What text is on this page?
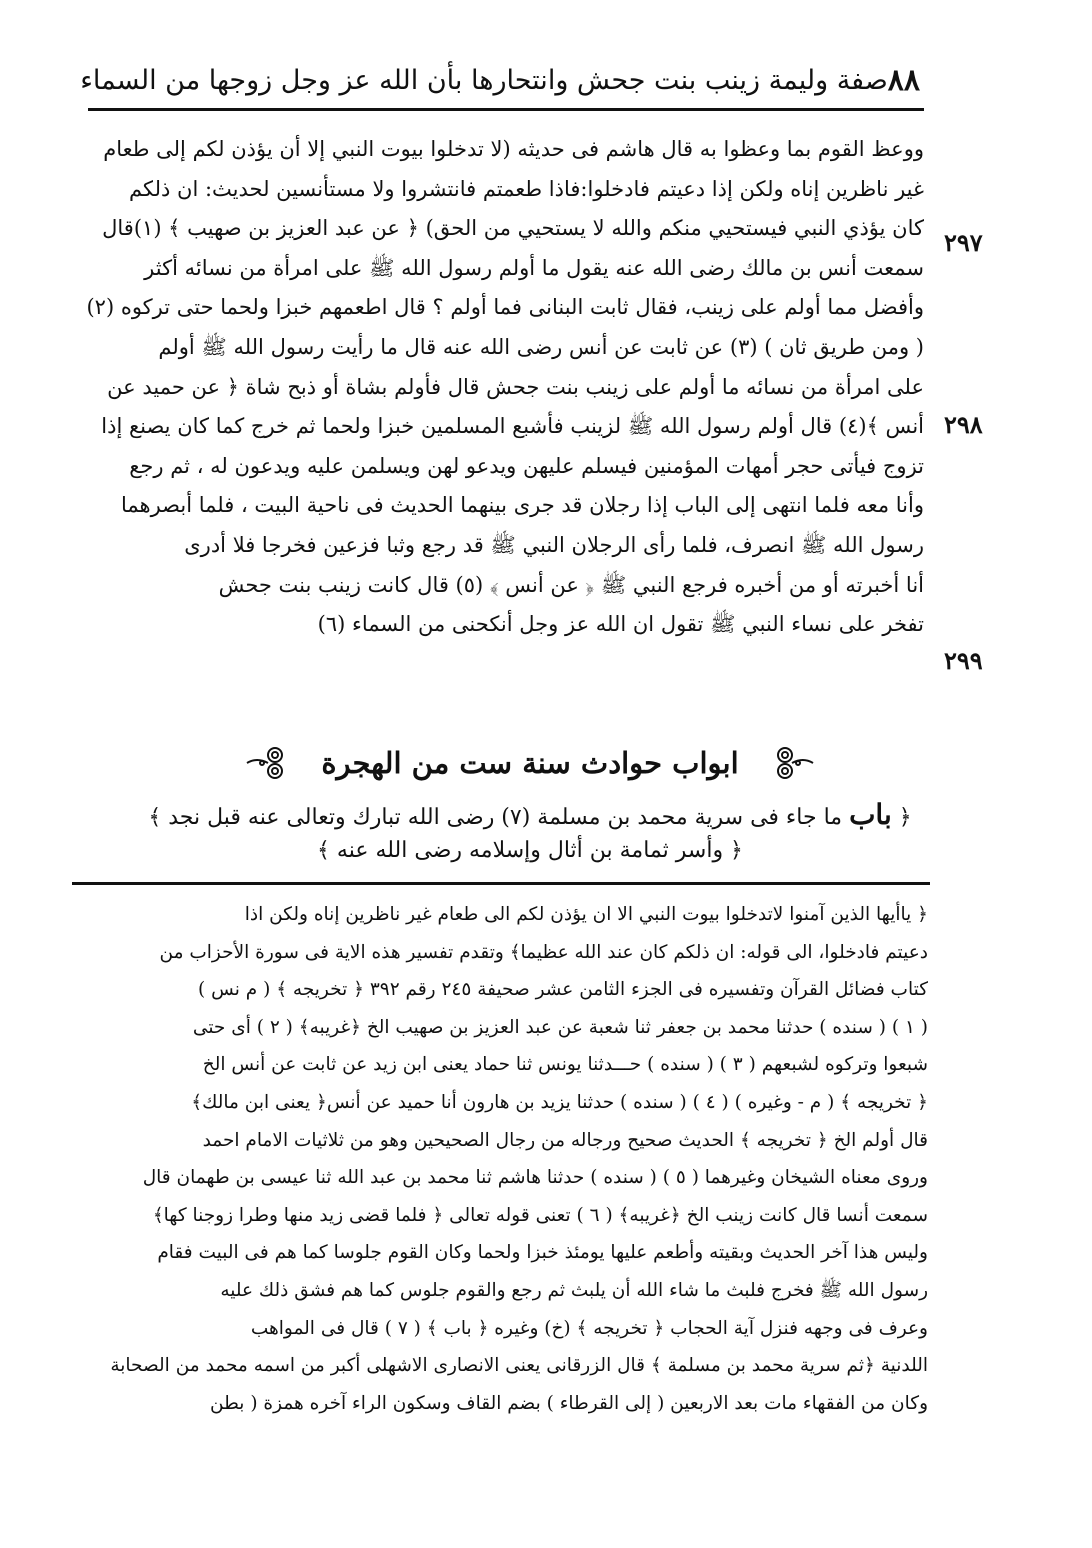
٨٨
صفة وليمة زينب بنت جحش وانتحارها بأن الله عز وجل زوجها من السماء
٢٩٧
٢٩٨
٢٩٩
ووعظ القوم بما وعظوا به قال هاشم فى حديثه (لا تدخلوا بيوت النبي إلا أن يؤذن لكم إلى طعام
غير ناظرين إناه ولكن إذا دعيتم فادخلوا:فاذا طعمتم فانتشروا ولا مستأنسين لحديث: ان ذلكم
كان يؤذي النبي فيستحيي منكم والله لا يستحيي من الحق) ﴿ عن عبد العزيز بن صهيب ﴾ (١)قال
سمعت أنس بن مالك رضى الله عنه يقول ما أولم رسول الله ﷺ على امرأة من نسائه أكثر
وأفضل مما أولم على زينب، فقال ثابت البنانى فما أولم ؟ قال اطعمهم خبزا ولحما حتى تركوه (٢)
( ومن طريق ثان ) (٣) عن ثابت عن أنس رضى الله عنه قال ما رأيت رسول الله ﷺ أولم
على امرأة من نسائه ما أولم على زينب بنت جحش قال فأولم بشاة أو ذبح شاة ﴿ عن حميد عن
أنس ﴾(٤) قال أولم رسول الله ﷺ لزينب فأشبع المسلمين خبزا ولحما ثم خرج كما كان يصنع إذا
تزوج فيأتى حجر أمهات المؤمنين فيسلم عليهن ويدعو لهن ويسلمن عليه ويدعون له ، ثم رجع
وأنا معه فلما انتهى إلى الباب إذا رجلان قد جرى بينهما الحديث فى ناحية البيت ، فلما أبصرهما
رسول الله ﷺ انصرف، فلما رأى الرجلان النبي ﷺ قد رجع وثبا فزعين فخرجا فلا أدرى
أنا أخبرته أو من أخبره فرجع النبي ﷺ ﴿ عن أنس ﴾ (٥) قال كانت زينب بنت جحش
تفخر على نساء النبي ﷺ تقول ان الله عز وجل أنكحنى من السماء (٦)
ابواب حوادث سنة ست من الهجرة
﴿ باب ما جاء فى سرية محمد بن مسلمة (٧) رضى الله تبارك وتعالى عنه قبل نجد ﴾
﴿ وأسر ثمامة بن أثال وإسلامه رضى الله عنه ﴾
﴿ ياأيها الذين آمنوا لاتدخلوا بيوت النبي الا ان يؤذن لكم الى طعام غير ناظرين إناه ولكن اذا
دعيتم فادخلوا، الى قوله: ان ذلكم كان عند الله عظيما﴾ وتقدم تفسير هذه الاية فى سورة الأحزاب من
كتاب فضائل القرآن وتفسيره فى الجزء الثامن عشر صحيفة ٢٤٥ رقم ٣٩٢ ﴿ تخريجه ﴾ ( م نس )
( ١ ) ( سنده ) حدثنا محمد بن جعفر ثنا شعبة عن عبد العزيز بن صهيب الخ ﴿غريبه﴾ ( ٢ ) أى حتى
شبعوا وتركوه لشبعهم ( ٣ ) ( سنده ) حـــدثنا يونس ثنا حماد يعنى ابن زيد عن ثابت عن أنس الخ
﴿ تخريجه ﴾ ( م - وغيره ) ( ٤ ) ( سنده ) حدثنا يزيد بن هارون أنا حميد عن أنس﴿ يعنى ابن مالك﴾
قال أولم الخ ﴿ تخريجه ﴾ الحديث صحيح ورجاله من رجال الصحيحين وهو من ثلاثيات الامام احمد
وروى معناه الشيخان وغيرهما ( ٥ ) ( سنده ) حدثنا هاشم ثنا محمد بن عبد الله ثنا عيسى بن طهمان قال
سمعت أنسا قال كانت زينب الخ ﴿غريبه﴾ ( ٦ ) تعنى قوله تعالى ﴿ فلما قضى زيد منها وطرا زوجنا كها﴾
وليس هذا آخر الحديث وبقيته وأطعم عليها يومئذ خبزا ولحما وكان القوم جلوسا كما هم فى البيت فقام
رسول الله ﷺ فخرج فلبث ما شاء الله أن يلبث ثم رجع والقوم جلوس كما هم فشق ذلك عليه
وعرف فى وجهه فنزل آية الحجاب ﴿ تخريجه ﴾ (خ) وغيره ﴿ باب ﴾ ( ٧ ) قال فى المواهب
اللدنية ﴿ثم سرية محمد بن مسلمة ﴾ قال الزرقانى يعنى الانصارى الاشهلى أكبر من اسمه محمد من الصحابة
وكان من الفقهاء مات بعد الاربعين ( إلى القرطاء ) بضم القاف وسكون الراء آخره همزة ( بطن
